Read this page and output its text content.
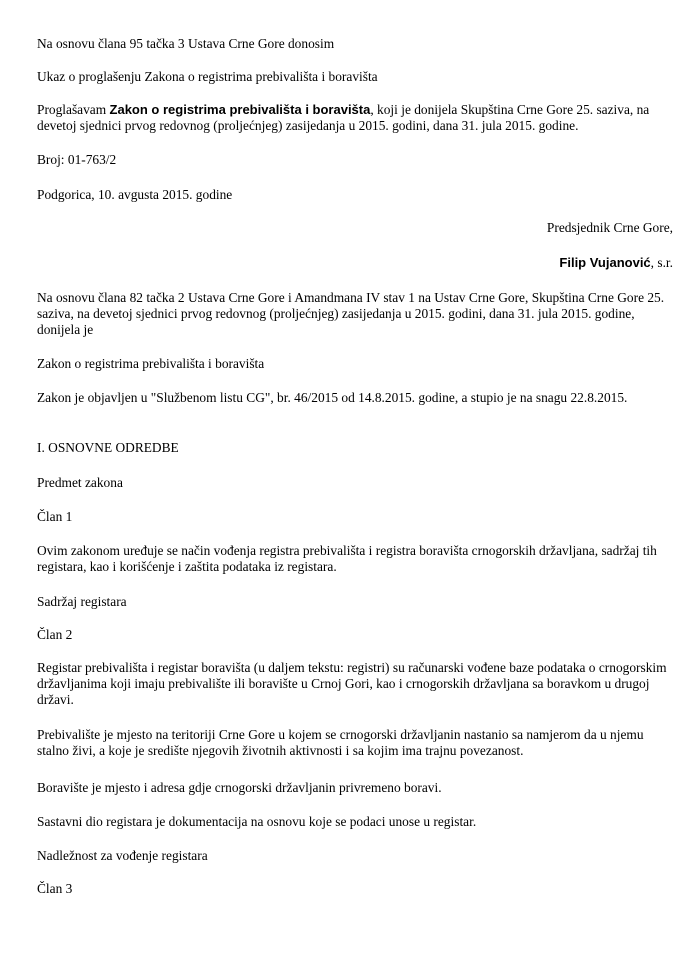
Na osnovu člana 95 tačka 3 Ustava Crne Gore donosim

Ukaz o proglašenju Zakona o registrima prebivališta i boravišta

Proglašavam Zakon o registrima prebivališta i boravišta, koji je donijela Skupština Crne Gore 25. saziva, na devetoj sjednici prvog redovnog (proljećnjeg) zasijedanja u 2015. godini, dana 31. jula 2015. godine.

Broj: 01-763/2

Podgorica, 10. avgusta 2015. godine

Predsjednik Crne Gore,

Filip Vujanović, s.r.

Na osnovu člana 82 tačka 2 Ustava Crne Gore i Amandmana IV stav 1 na Ustav Crne Gore, Skupština Crne Gore 25. saziva, na devetoj sjednici prvog redovnog (proljećnjeg) zasijedanja u 2015. godini, dana 31. jula 2015. godine, donijela je

Zakon o registrima prebivališta i boravišta

Zakon je objavljen u "Službenom listu CG", br. 46/2015 od 14.8.2015. godine, a stupio je na snagu 22.8.2015.

I. OSNOVNE ODREDBE

Predmet zakona

Član 1

Ovim zakonom uređuje se način vođenja registra prebivališta i registra boravišta crnogorskih državljana, sadržaj tih registara, kao i korišćenje i zaštita podataka iz registara.

Sadržaj registara

Član 2

Registar prebivališta i registar boravišta (u daljem tekstu: registri) su računarski vođene baze podataka o crnogorskim državljanima koji imaju prebivalište ili boravište u Crnoj Gori, kao i crnogorskih državljana sa boravkom u drugoj državi.

Prebivalište je mjesto na teritoriji Crne Gore u kojem se crnogorski državljanin nastanio sa namjerom da u njemu stalno živi, a koje je središte njegovih životnih aktivnosti i sa kojim ima trajnu povezanost.

Boravište je mjesto i adresa gdje crnogorski državljanin privremeno boravi.

Sastavni dio registara je dokumentacija na osnovu koje se podaci unose u registar.

Nadležnost za vođenje registara

Član 3
